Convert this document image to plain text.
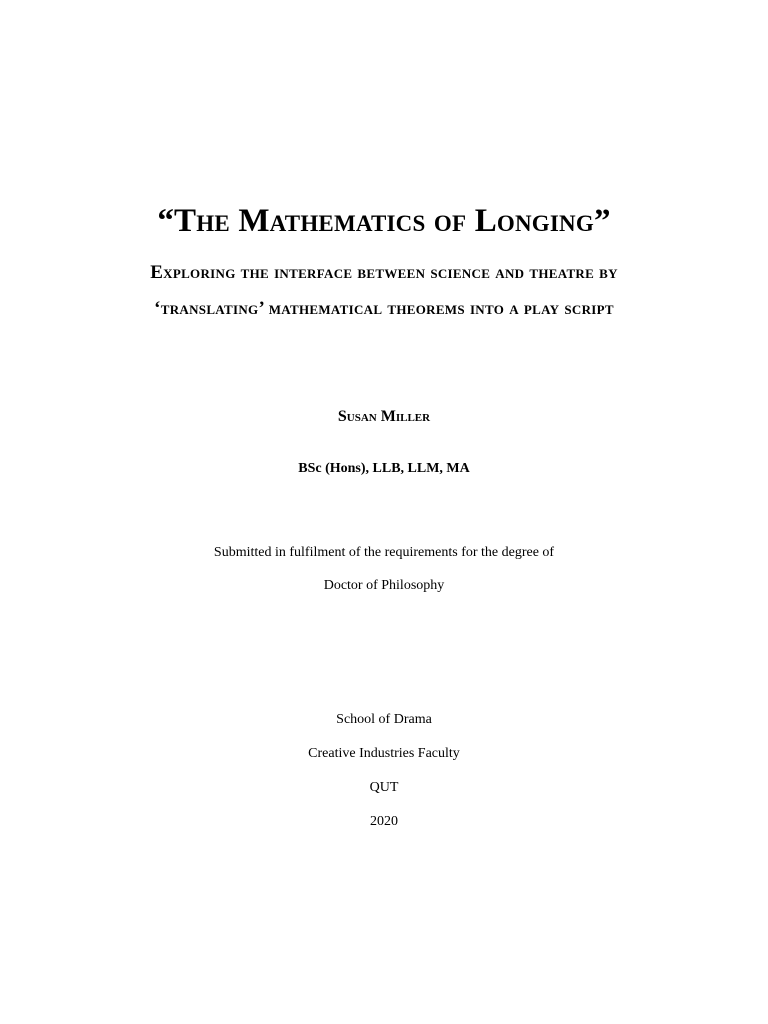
“The Mathematics of Longing”
Exploring the interface between science and theatre by
‘translating’ mathematical theorems into a play script
Susan Miller
BSc (Hons), LLB, LLM, MA
Submitted in fulfilment of the requirements for the degree of
Doctor of Philosophy
School of Drama
Creative Industries Faculty
QUT
2020
